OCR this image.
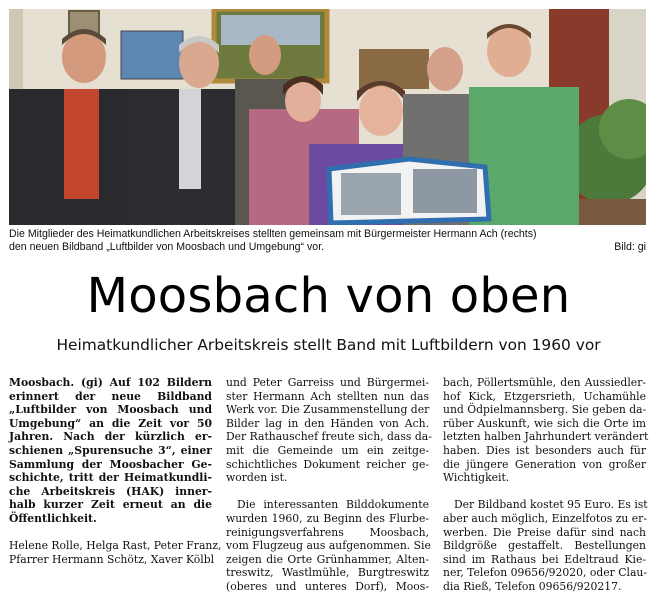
Die Mitglieder des Heimatkundlichen Arbeitskreises stellten gemeinsam mit Bürgermeister Hermann Ach (rechts)
den neuen Bildband „Luftbilder von Moosbach und Umgebung“ vor.	Bild: gi
Moosbach von oben
Heimatkundlicher Arbeitskreis stellt Band mit Luftbildern von 1960 vor

Moosbach. (gi) Auf 102 Bildern
erinnert der neue Bildband
„Luftbilder von Moosbach und
Umgebung“ an die Zeit vor 50
Jahren. Nach der kürzlich er-
schienen „Spurensuche 3“, einer
Sammlung der Moosbacher Ge-
schichte, tritt der Heimatkundli-
che Arbeitskreis (HAK) inner-
halb kurzer Zeit erneut an die
Öffentlichkeit.

Helene Rolle, Helga Rast, Peter Franz,
Pfarrer Hermann Schötz, Xaver Kölbl

und Peter Garreiss und Bürgermei-
ster Hermann Ach stellten nun das
Werk vor. Die Zusammenstellung der
Bilder lag in den Händen von Ach.
Der Rathauschef freute sich, dass da-
mit die Gemeinde um ein zeitge-
schichtliches Dokument reicher ge-
worden ist.

Die interessanten Bilddokumente
wurden 1960, zu Beginn des Flurbe-
reinigungsverfahrens Moosbach,
vom Flugzeug aus aufgenommen. Sie
zeigen die Orte Grünhammer, Alten-
treswitz, Wastlmühle, Burgtreswitz
(oberes und unteres Dorf), Moos-

bach, Pöllertsmühle, den Aussiedler-
hof Kick, Etzgersrieth, Uchamühle
und Ödpielmannsberg. Sie geben da-
rüber Auskunft, wie sich die Orte im
letzten halben Jahrhundert verändert
haben. Dies ist besonders auch für
die jüngere Generation von großer
Wichtigkeit.

Der Bildband kostet 95 Euro. Es ist
aber auch möglich, Einzelfotos zu er-
werben. Die Preise dafür sind nach
Bildgröße gestaffelt. Bestellungen
sind im Rathaus bei Edeltraud Kie-
ner, Telefon 09656/92020, oder Clau-
dia Rieß, Telefon 09656/920217.
